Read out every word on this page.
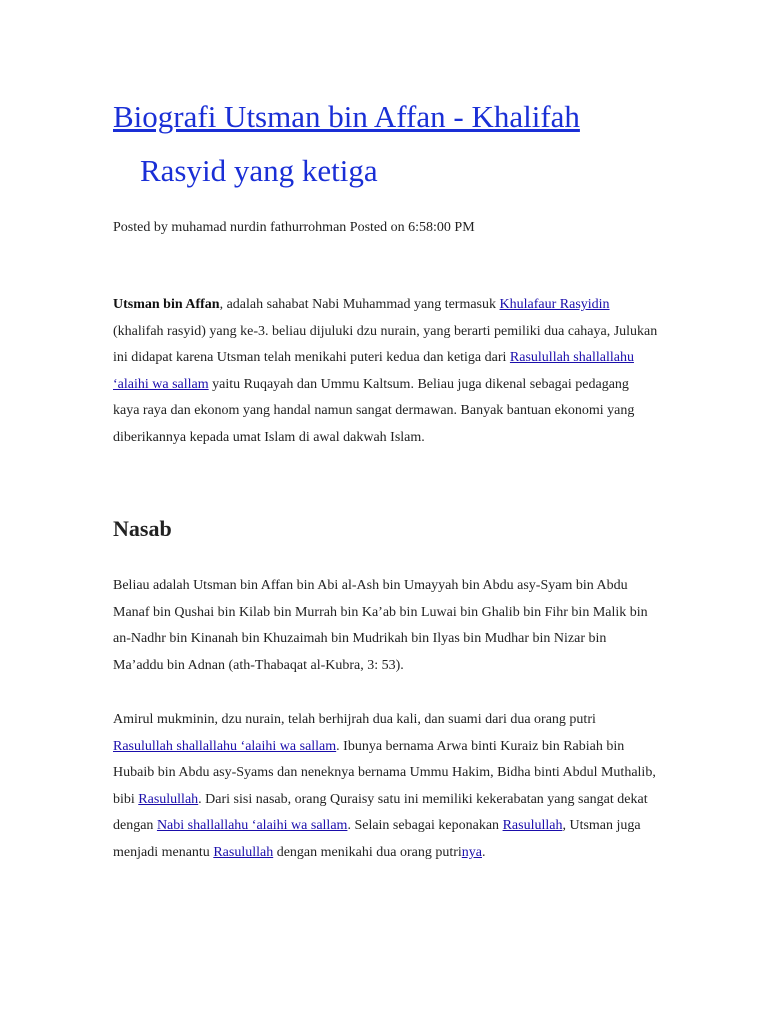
Biografi Utsman bin Affan - Khalifah
Rasyid yang ketiga
Posted by muhamad nurdin fathurrohman Posted on 6:58:00 PM

Utsman bin Affan, adalah sahabat Nabi Muhammad yang termasuk Khulafaur Rasyidin (khalifah rasyid) yang ke-3. beliau dijuluki dzu nurain, yang berarti pemiliki dua cahaya, Julukan ini didapat karena Utsman telah menikahi puteri kedua dan ketiga dari Rasulullah shallallahu ‘alaihi wa sallam yaitu Ruqayah dan Ummu Kaltsum. Beliau juga dikenal sebagai pedagang kaya raya dan ekonom yang handal namun sangat dermawan. Banyak bantuan ekonomi yang diberikannya kepada umat Islam di awal dakwah Islam.

Nasab

Beliau adalah Utsman bin Affan bin Abi al-Ash bin Umayyah bin Abdu asy-Syam bin Abdu Manaf bin Qushai bin Kilab bin Murrah bin Ka’ab bin Luwai bin Ghalib bin Fihr bin Malik bin an-Nadhr bin Kinanah bin Khuzaimah bin Mudrikah bin Ilyas bin Mudhar bin Nizar bin Ma’addu bin Adnan (ath-Thabaqat al-Kubra, 3: 53).

Amirul mukminin, dzu nurain, telah berhijrah dua kali, dan suami dari dua orang putri Rasulullah shallallahu ‘alaihi wa sallam. Ibunya bernama Arwa binti Kuraiz bin Rabiah bin Hubaib bin Abdu asy-Syams dan neneknya bernama Ummu Hakim, Bidha binti Abdul Muthalib, bibi Rasulullah. Dari sisi nasab, orang Quraisy satu ini memiliki kekerabatan yang sangat dekat dengan Nabi shallallahu ‘alaihi wa sallam. Selain sebagai keponakan Rasulullah, Utsman juga menjadi menantu Rasulullah dengan menikahi dua orang putrinya.
